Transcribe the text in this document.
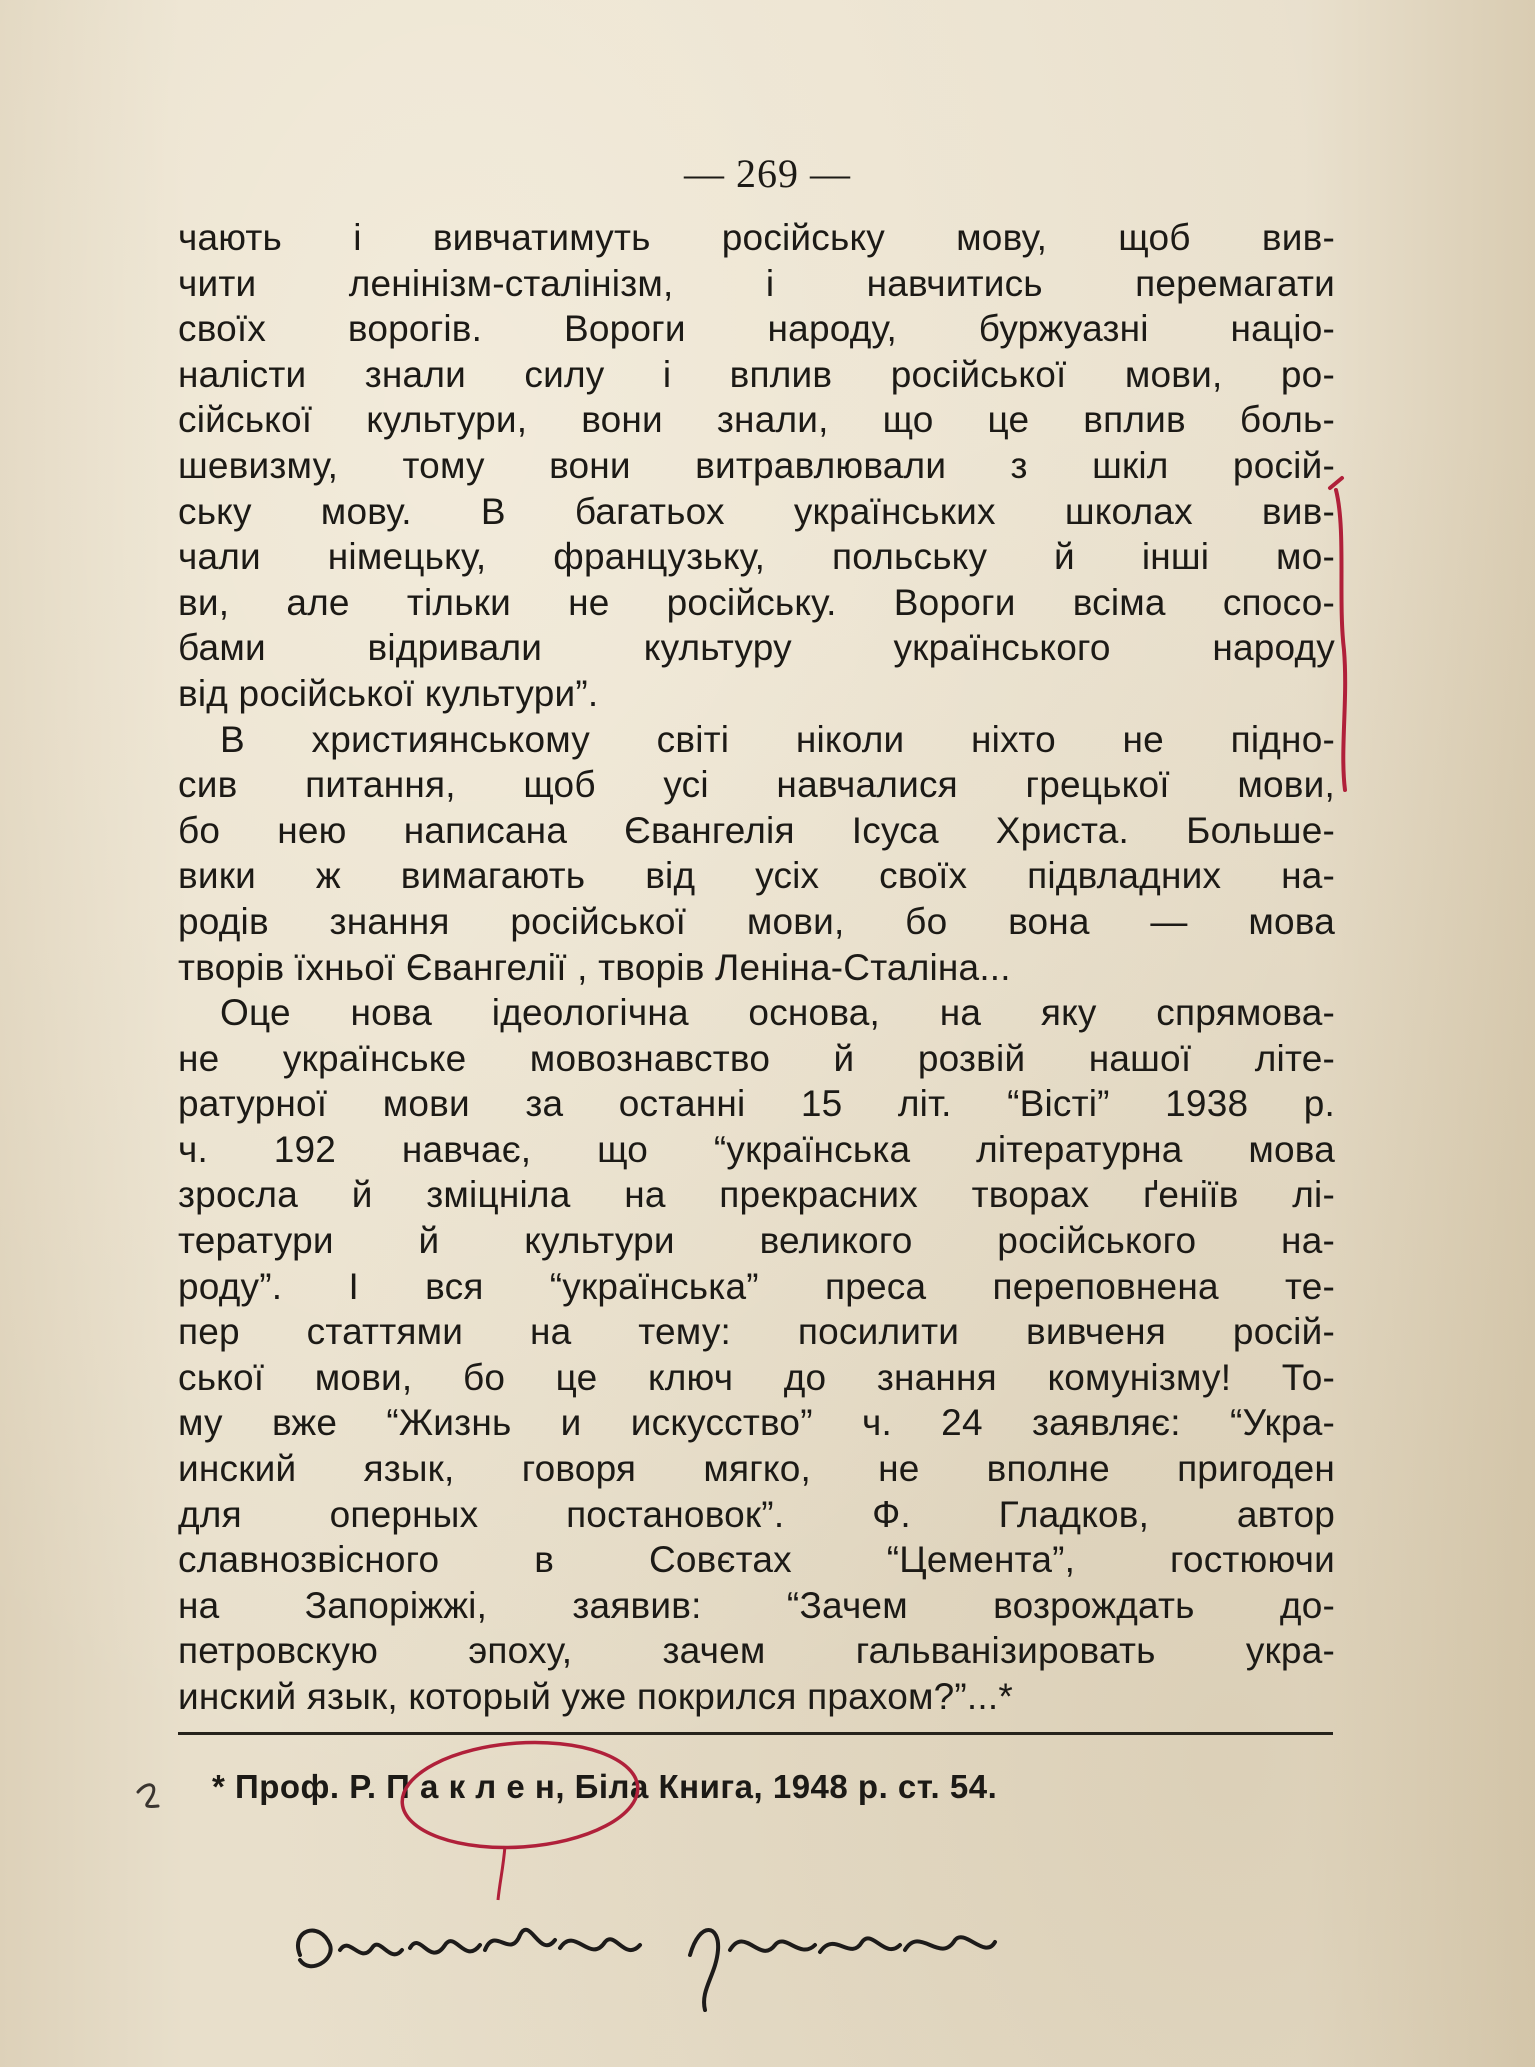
— 269 —
чають і вивчатимуть російську мову, щоб вив-
чити ленінізм-сталінізм, і навчитись перемагати
своїх ворогів. Вороги народу, буржуазні націо-
налісти знали силу і вплив російської мови, ро-
сійської культури, вони знали, що це вплив боль-
шевизму, тому вони витравлювали з шкіл росій-
ську мову. В багатьох українських школах вив-
чали німецьку, французьку, польську й інші мо-
ви, але тільки не російську. Вороги всіма спосо-
бами відривали культуру українського народу
від російської культури”.
В християнському світі ніколи ніхто не підно-
сив питання, щоб усі навчалися грецької мови,
бо нею написана Євангелія Ісуса Христа. Больше-
вики ж вимагають від усіх своїх підвладних на-
родів знання російської мови, бо вона — мова
творів їхньої Євангелії , творів Леніна-Сталіна...
Оце нова ідеологічна основа, на яку спрямова-
не українське мовознавство й розвій нашої літе-
ратурної мови за останні 15 літ. “Вісті” 1938 р.
ч. 192 навчає, що “українська літературна мова
зросла й зміцніла на прекрасних творах ґеніїв лі-
тератури й культури великого російського на-
роду”. І вся “українська” преса переповнена те-
пер статтями на тему: посилити вивченя росій-
ської мови, бо це ключ до знання комунізму! То-
му вже “Жизнь и искусство” ч. 24 заявляє: “Укра-
инский язык, говоря мягко, не вполне пригоден
для оперных постановок”. Ф. Гладков, автор
славнозвісного в Совєтах “Цемента”, гостюючи
на Запоріжжі, заявив: “Зачем возрождать до-
петровскую эпоху, зачем гальванізировать укра-
инский язык, который уже покрился прахом?”...*
* Проф. Р. П а к л е н, Біла Книга, 1948 р. ст. 54.
сумнівне джерело
